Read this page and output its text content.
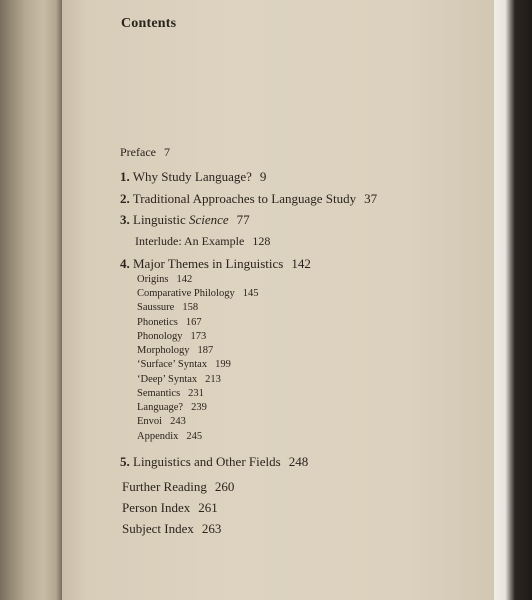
Contents
Preface 7
1. Why Study Language? 9
2. Traditional Approaches to Language Study 37
3. Linguistic Science 77
Interlude: An Example 128
4. Major Themes in Linguistics 142
Origins 142
Comparative Philology 145
Saussure 158
Phonetics 167
Phonology 173
Morphology 187
‘Surface’ Syntax 199
‘Deep’ Syntax 213
Semantics 231
Language? 239
Envoi 243
Appendix 245
5. Linguistics and Other Fields 248
Further Reading 260
Person Index 261
Subject Index 263
